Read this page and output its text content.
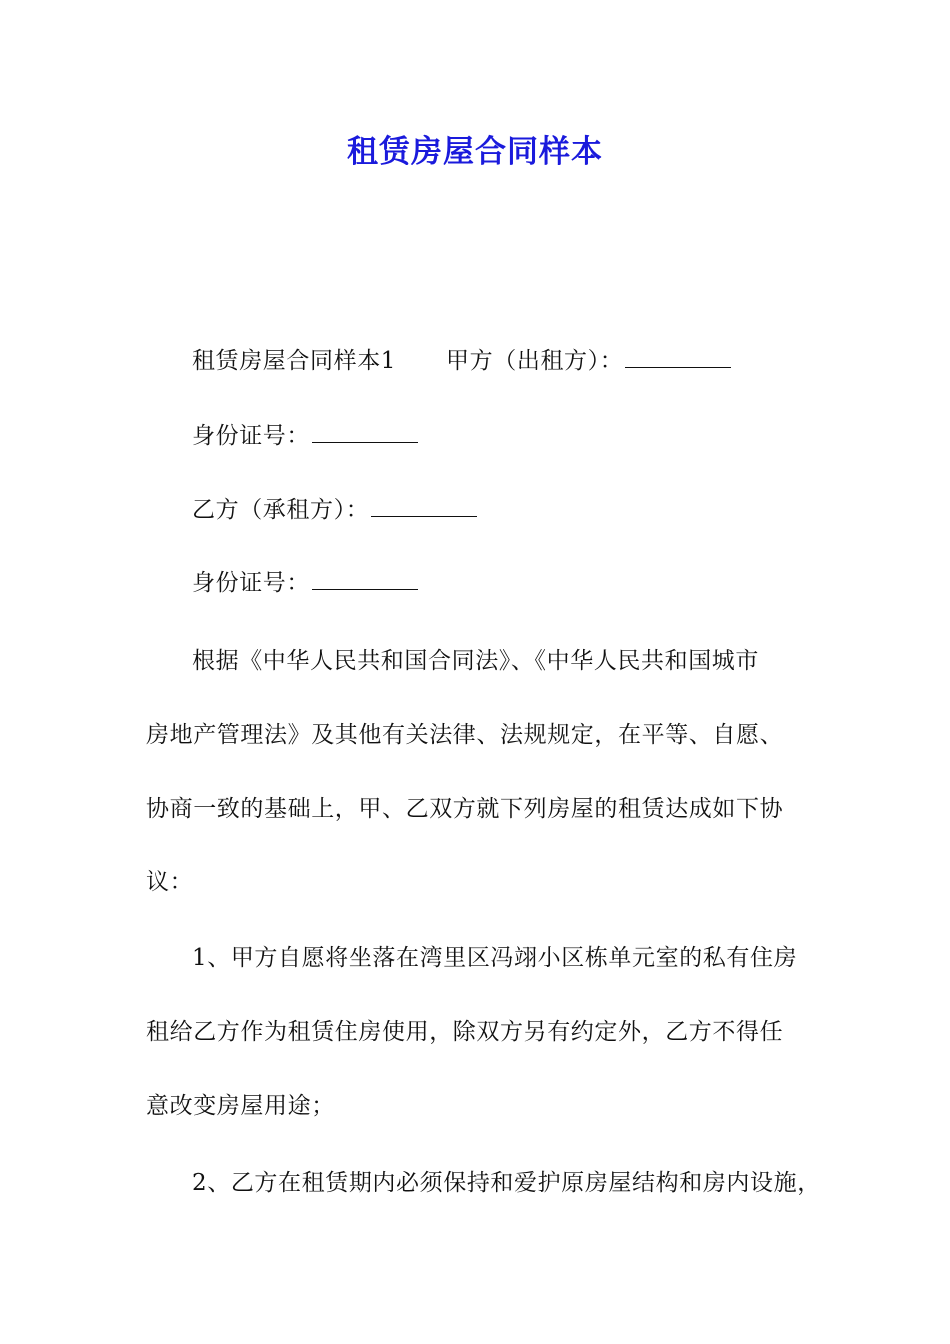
租赁房屋合同样本
租赁房屋合同样本1 甲方（出租方）：
身份证号：
乙方（承租方）：
身份证号：
根据《中华人民共和国合同法》、《中华人民共和国城市
房地产管理法》及其他有关法律、法规规定，在平等、自愿、
协商一致的基础上，甲、乙双方就下列房屋的租赁达成如下协
议：
1、甲方自愿将坐落在湾里区冯翊小区栋单元室的私有住房
租给乙方作为租赁住房使用，除双方另有约定外，乙方不得任
意改变房屋用途；
2、乙方在租赁期内必须保持和爱护原房屋结构和房内设施，
